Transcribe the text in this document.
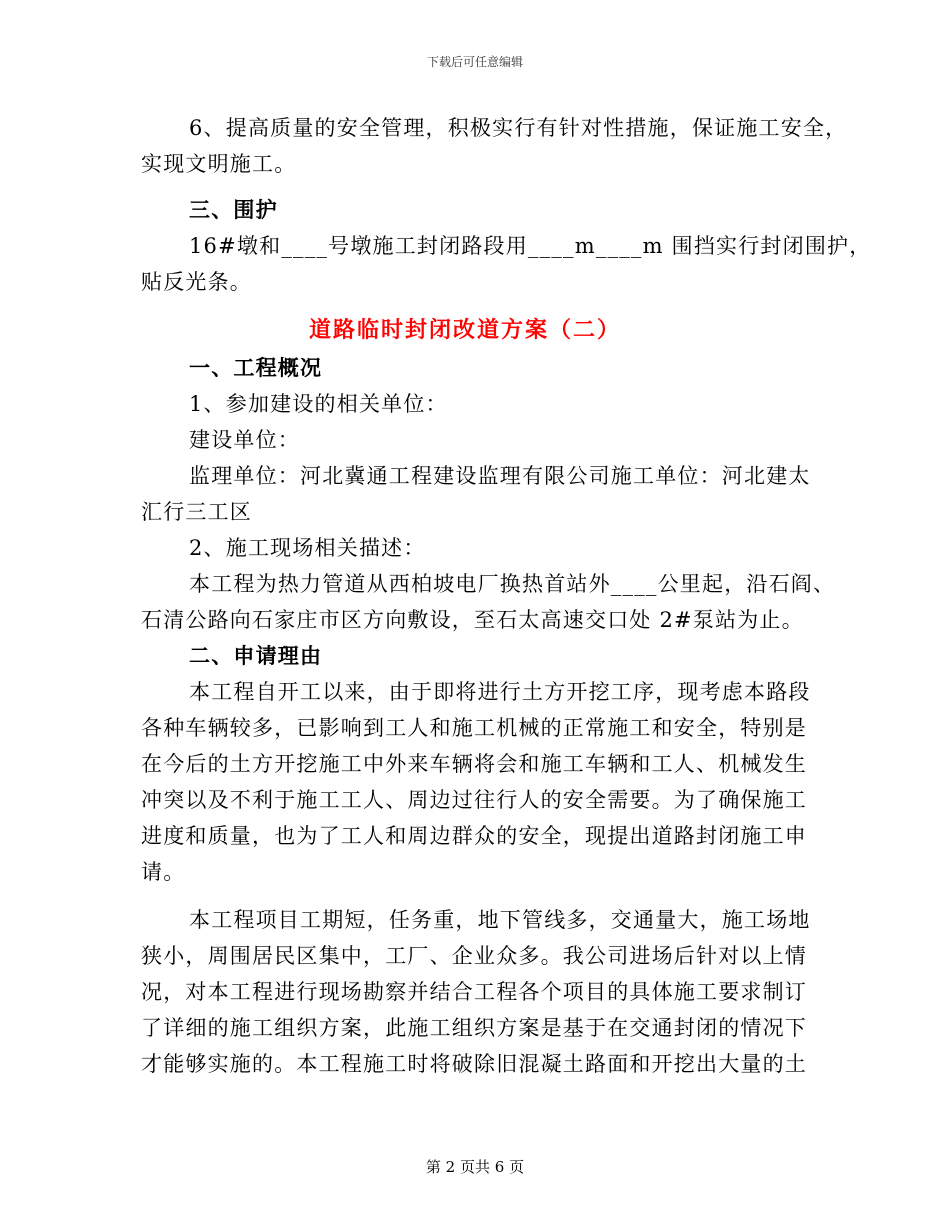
下载后可任意编辑
6、提高质量的安全管理，积极实行有针对性措施，保证施工安全，
实现文明施工。
三、围护
16#墩和____号墩施工封闭路段用____m____m 围挡实行封闭围护，
贴反光条。
道路临时封闭改道方案（二）
一、工程概况
1、参加建设的相关单位：
建设单位：
监理单位：河北冀通工程建设监理有限公司施工单位：河北建太
汇行三工区
2、施工现场相关描述：
本工程为热力管道从西柏坡电厂换热首站外____公里起，沿石阎、
石清公路向石家庄市区方向敷设，至石太高速交口处 2#泵站为止。
二、申请理由
本工程自开工以来，由于即将进行土方开挖工序，现考虑本路段
各种车辆较多，已影响到工人和施工机械的正常施工和安全，特别是
在今后的土方开挖施工中外来车辆将会和施工车辆和工人、机械发生
冲突以及不利于施工工人、周边过往行人的安全需要。为了确保施工
进度和质量，也为了工人和周边群众的安全，现提出道路封闭施工申
请。
本工程项目工期短，任务重，地下管线多，交通量大，施工场地
狭小，周围居民区集中，工厂、企业众多。我公司进场后针对以上情
况，对本工程进行现场勘察并结合工程各个项目的具体施工要求制订
了详细的施工组织方案，此施工组织方案是基于在交通封闭的情况下
才能够实施的。本工程施工时将破除旧混凝土路面和开挖出大量的土
第 2 页共 6 页
